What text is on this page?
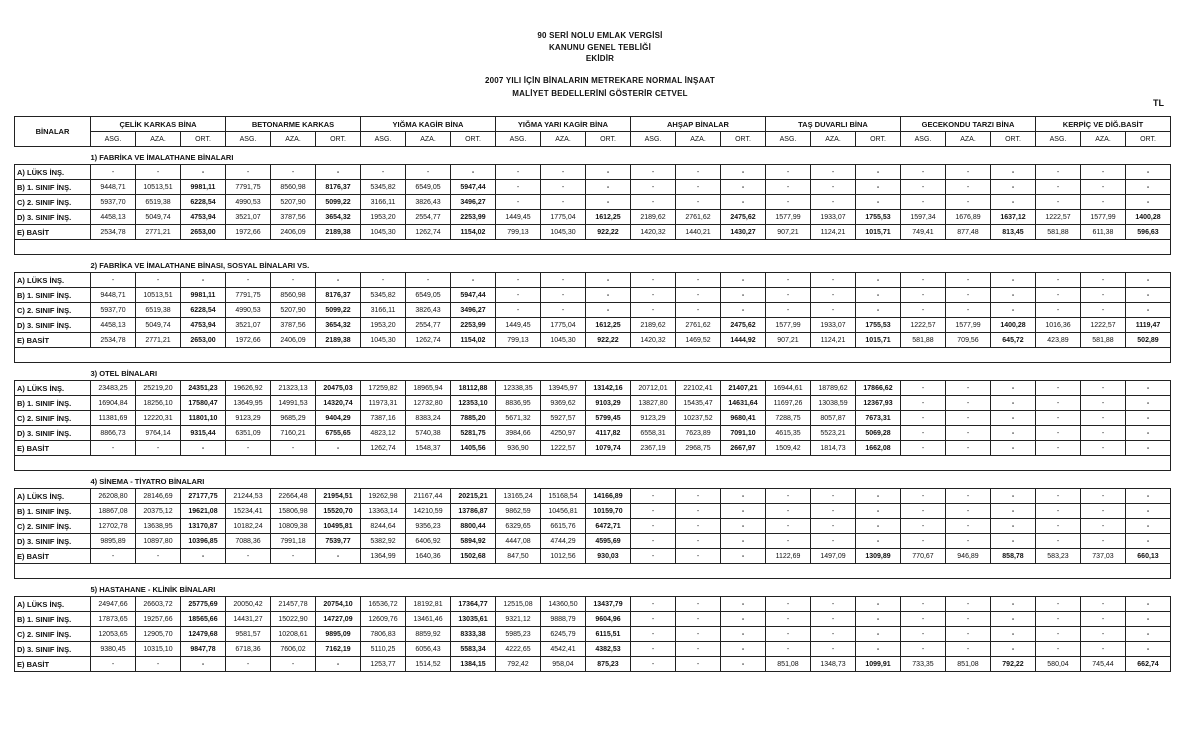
90 SERİ NOLU EMLAK VERGİSİ
KANUNU GENEL TEBLİĞİ
EKİDİR
2007 YILI İÇİN BİNALARIN METREKARE NORMAL İNŞAAT
MALİYET BEDELLERİNİ GÖSTERİR CETVEL
TL
BİNALAR	ÇELİK KARKAS BİNA			BETONARME KARKAS			YIĞMA KAGİR BİNA			YIĞMA YARI KAGİR BİNA			AHŞAP BİNALAR			TAŞ DUVARLI BİNA			GECEKONDU TARZI BİNA			KERPİÇ VE DİĞ.BASİT		
	ASG.	AZA.	ORT.	ASG.	AZA.	ORT.	ASG.	AZA.	ORT.	ASG.	AZA.	ORT.	ASG.	AZA.	ORT.	ASG.	AZA.	ORT.	ASG.	AZA.	ORT.	ASG.	AZA.	ORT.
1) FABRİKA VE İMALATHANE BİNALARI																								
A) LÜKS İNŞ.	-	-	-	-	-	-	-	-	-	-	-	-	-	-	-	-	-	-	-	-	-	-	-	-
B) 1. SINIF İNŞ.	9448,71	10513,51	9981,11	7791,75	8560,98	8176,37	5345,82	6549,05	5947,44	-	-	-	-	-	-	-	-	-	-	-	-	-	-	-
C) 2. SINIF İNŞ.	5937,70	6519,38	6228,54	4990,53	5207,90	5099,22	3166,11	3826,43	3496,27	-	-	-	-	-	-	-	-	-	-	-	-	-	-	-
D) 3. SINIF İNŞ.	4458,13	5049,74	4753,94	3521,07	3787,56	3654,32	1953,20	2554,77	2253,99	1449,45	1775,04	1612,25	2189,62	2761,62	2475,62	1577,99	1933,07	1755,53	1597,34	1676,89	1637,12	1222,57	1577,99	1400,28
E) BASİT	2534,78	2771,21	2653,00	1972,66	2406,09	2189,38	1045,30	1262,74	1154,02	799,13	1045,30	922,22	1420,32	1440,21	1430,27	907,21	1124,21	1015,71	749,41	877,48	813,45	581,88	611,38	596,63

2) FABRİKA VE İMALATHANE BİNASI, SOSYAL BİNALARI VS.																								
A) LÜKS İNŞ.	-	-	-	-	-	-	-	-	-	-	-	-	-	-	-	-	-	-	-	-	-	-	-	-
B) 1. SINIF İNŞ.	9448,71	10513,51	9981,11	7791,75	8560,98	8176,37	5345,82	6549,05	5947,44	-	-	-	-	-	-	-	-	-	-	-	-	-	-	-
C) 2. SINIF İNŞ.	5937,70	6519,38	6228,54	4990,53	5207,90	5099,22	3166,11	3826,43	3496,27	-	-	-	-	-	-	-	-	-	-	-	-	-	-	-
D) 3. SINIF İNŞ.	4458,13	5049,74	4753,94	3521,07	3787,56	3654,32	1953,20	2554,77	2253,99	1449,45	1775,04	1612,25	2189,62	2761,62	2475,62	1577,99	1933,07	1755,53	1222,57	1577,99	1400,28	1016,36	1222,57	1119,47
E) BASİT	2534,78	2771,21	2653,00	1972,66	2406,09	2189,38	1045,30	1262,74	1154,02	799,13	1045,30	922,22	1420,32	1469,52	1444,92	907,21	1124,21	1015,71	581,88	709,56	645,72	423,89	581,88	502,89

3) OTEL BİNALARI																								
A) LÜKS İNŞ.	23483,25	25219,20	24351,23	19626,92	21323,13	20475,03	17259,82	18965,94	18112,88	12338,35	13945,97	13142,16	20712,01	22102,41	21407,21	16944,61	18789,62	17866,62	-	-	-	-	-	-
B) 1. SINIF İNŞ.	16904,84	18256,10	17580,47	13649,95	14991,53	14320,74	11973,31	12732,80	12353,10	8836,95	9369,62	9103,29	13827,80	15435,47	14631,64	11697,26	13038,59	12367,93	-	-	-	-	-	-
C) 2. SINIF İNŞ.	11381,69	12220,31	11801,10	9123,29	9685,29	9404,29	7387,16	8383,24	7885,20	5671,32	5927,57	5799,45	9123,29	10237,52	9680,41	7288,75	8057,87	7673,31	-	-	-	-	-	-
D) 3. SINIF İNŞ.	8866,73	9764,14	9315,44	6351,09	7160,21	6755,65	4823,12	5740,38	5281,75	3984,66	4250,97	4117,82	6558,31	7623,89	7091,10	4615,35	5523,21	5069,28	-	-	-	-	-	-
E) BASİT	-	-	-	-	-	-	1262,74	1548,37	1405,56	936,90	1222,57	1079,74	2367,19	2968,75	2667,97	1509,42	1814,73	1662,08	-	-	-	-	-	-

4) SİNEMA - TİYATRO BİNALARI																								
A) LÜKS İNŞ.	26208,80	28146,69	27177,75	21244,53	22664,48	21954,51	19262,98	21167,44	20215,21	13165,24	15168,54	14166,89	-	-	-	-	-	-	-	-	-	-	-	-
B) 1. SINIF İNŞ.	18867,08	20375,12	19621,08	15234,41	15806,98	15520,70	13363,14	14210,59	13786,87	9862,59	10456,81	10159,70	-	-	-	-	-	-	-	-	-	-	-	-
C) 2. SINIF İNŞ.	12702,78	13638,95	13170,87	10182,24	10809,38	10495,81	8244,64	9356,23	8800,44	6329,65	6615,76	6472,71	-	-	-	-	-	-	-	-	-	-	-	-
D) 3. SINIF İNŞ.	9895,89	10897,80	10396,85	7088,36	7991,18	7539,77	5382,92	6406,92	5894,92	4447,08	4744,29	4595,69	-	-	-	-	-	-	-	-	-	-	-	-
E) BASİT	-	-	-	-	-	-	1364,99	1640,36	1502,68	847,50	1012,56	930,03	-	-	-	1122,69	1497,09	1309,89	770,67	946,89	858,78	583,23	737,03	660,13

5) HASTAHANE - KLİNİK BİNALARI																								
A) LÜKS İNŞ.	24947,66	26603,72	25775,69	20050,42	21457,78	20754,10	16536,72	18192,81	17364,77	12515,08	14360,50	13437,79	-	-	-	-	-	-	-	-	-	-	-	-
B) 1. SINIF İNŞ.	17873,65	19257,66	18565,66	14431,27	15022,90	14727,09	12609,76	13461,46	13035,61	9321,12	9888,79	9604,96	-	-	-	-	-	-	-	-	-	-	-	-
C) 2. SINIF İNŞ.	12053,65	12905,70	12479,68	9581,57	10208,61	9895,09	7806,83	8859,92	8333,38	5985,23	6245,79	6115,51	-	-	-	-	-	-	-	-	-	-	-	-
D) 3. SINIF İNŞ.	9380,45	10315,10	9847,78	6718,36	7606,02	7162,19	5110,25	6056,43	5583,34	4222,65	4542,41	4382,53	-	-	-	-	-	-	-	-	-	-	-	-
E) BASİT	-	-	-	-	-	-	1253,77	1514,52	1384,15	792,42	958,04	875,23	-	-	-	851,08	1348,73	1099,91	733,35	851,08	792,22	580,04	745,44	662,74
